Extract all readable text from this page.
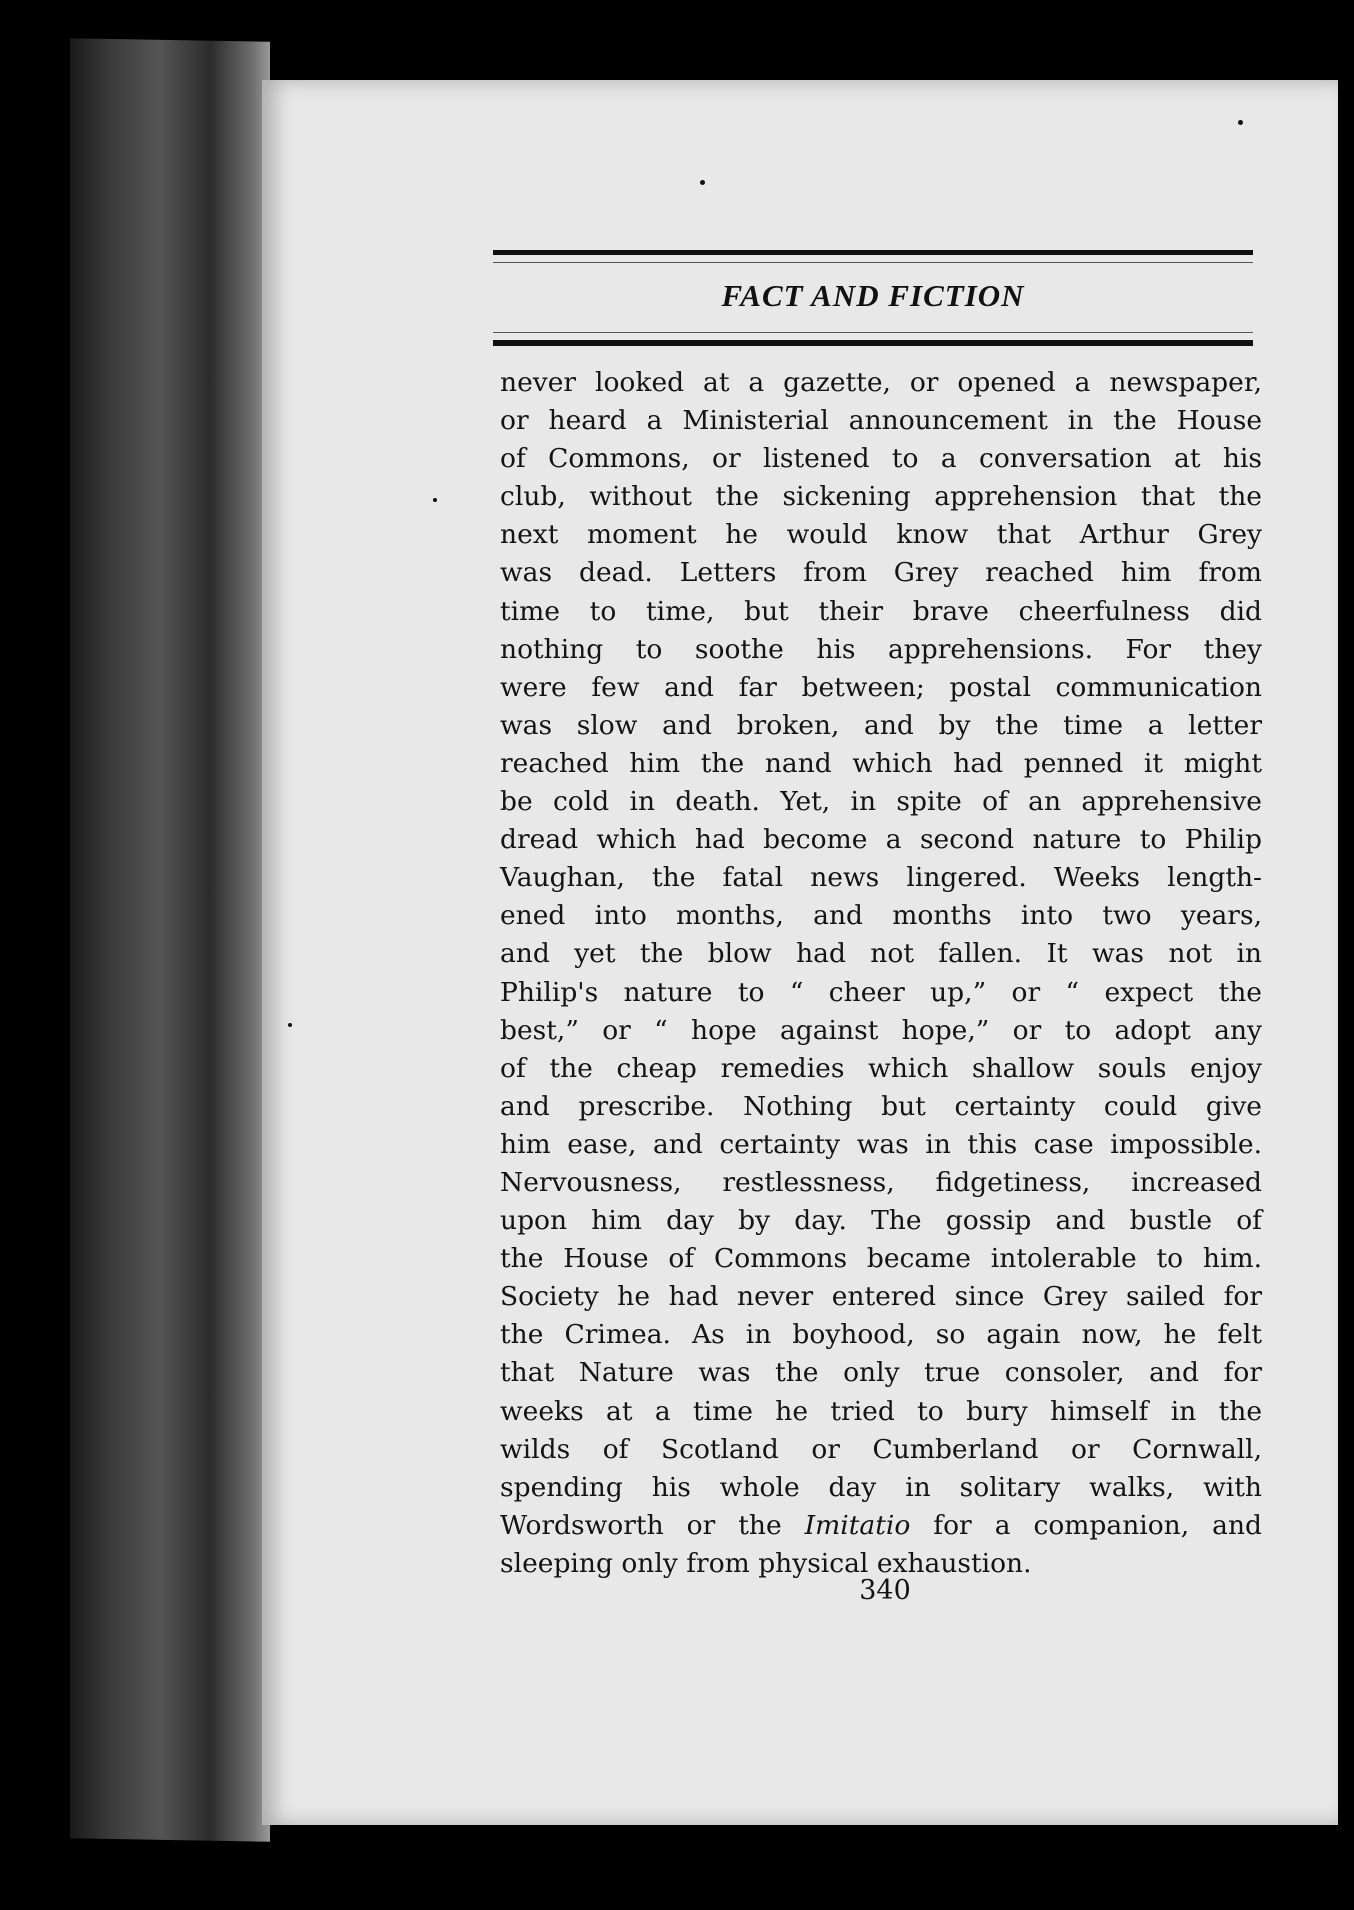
FACT AND FICTION
never looked at a gazette, or opened a newspaper,
or heard a Ministerial announcement in the House
of Commons, or listened to a conversation at his
club, without the sickening apprehension that the
next moment he would know that Arthur Grey
was dead. Letters from Grey reached him from
time to time, but their brave cheerfulness did
nothing to soothe his apprehensions. For they
were few and far between; postal communication
was slow and broken, and by the time a letter
reached him the nand which had penned it might
be cold in death. Yet, in spite of an apprehensive
dread which had become a second nature to Philip
Vaughan, the fatal news lingered. Weeks length-
ened into months, and months into two years,
and yet the blow had not fallen. It was not in
Philip's nature to “ cheer up,” or “ expect the
best,” or “ hope against hope,” or to adopt any
of the cheap remedies which shallow souls enjoy
and prescribe. Nothing but certainty could give
him ease, and certainty was in this case impossible.
Nervousness, restlessness, fidgetiness, increased
upon him day by day. The gossip and bustle of
the House of Commons became intolerable to him.
Society he had never entered since Grey sailed for
the Crimea. As in boyhood, so again now, he felt
that Nature was the only true consoler, and for
weeks at a time he tried to bury himself in the
wilds of Scotland or Cumberland or Cornwall,
spending his whole day in solitary walks, with
Wordsworth or the Imitatio for a companion, and
sleeping only from physical exhaustion.
340
